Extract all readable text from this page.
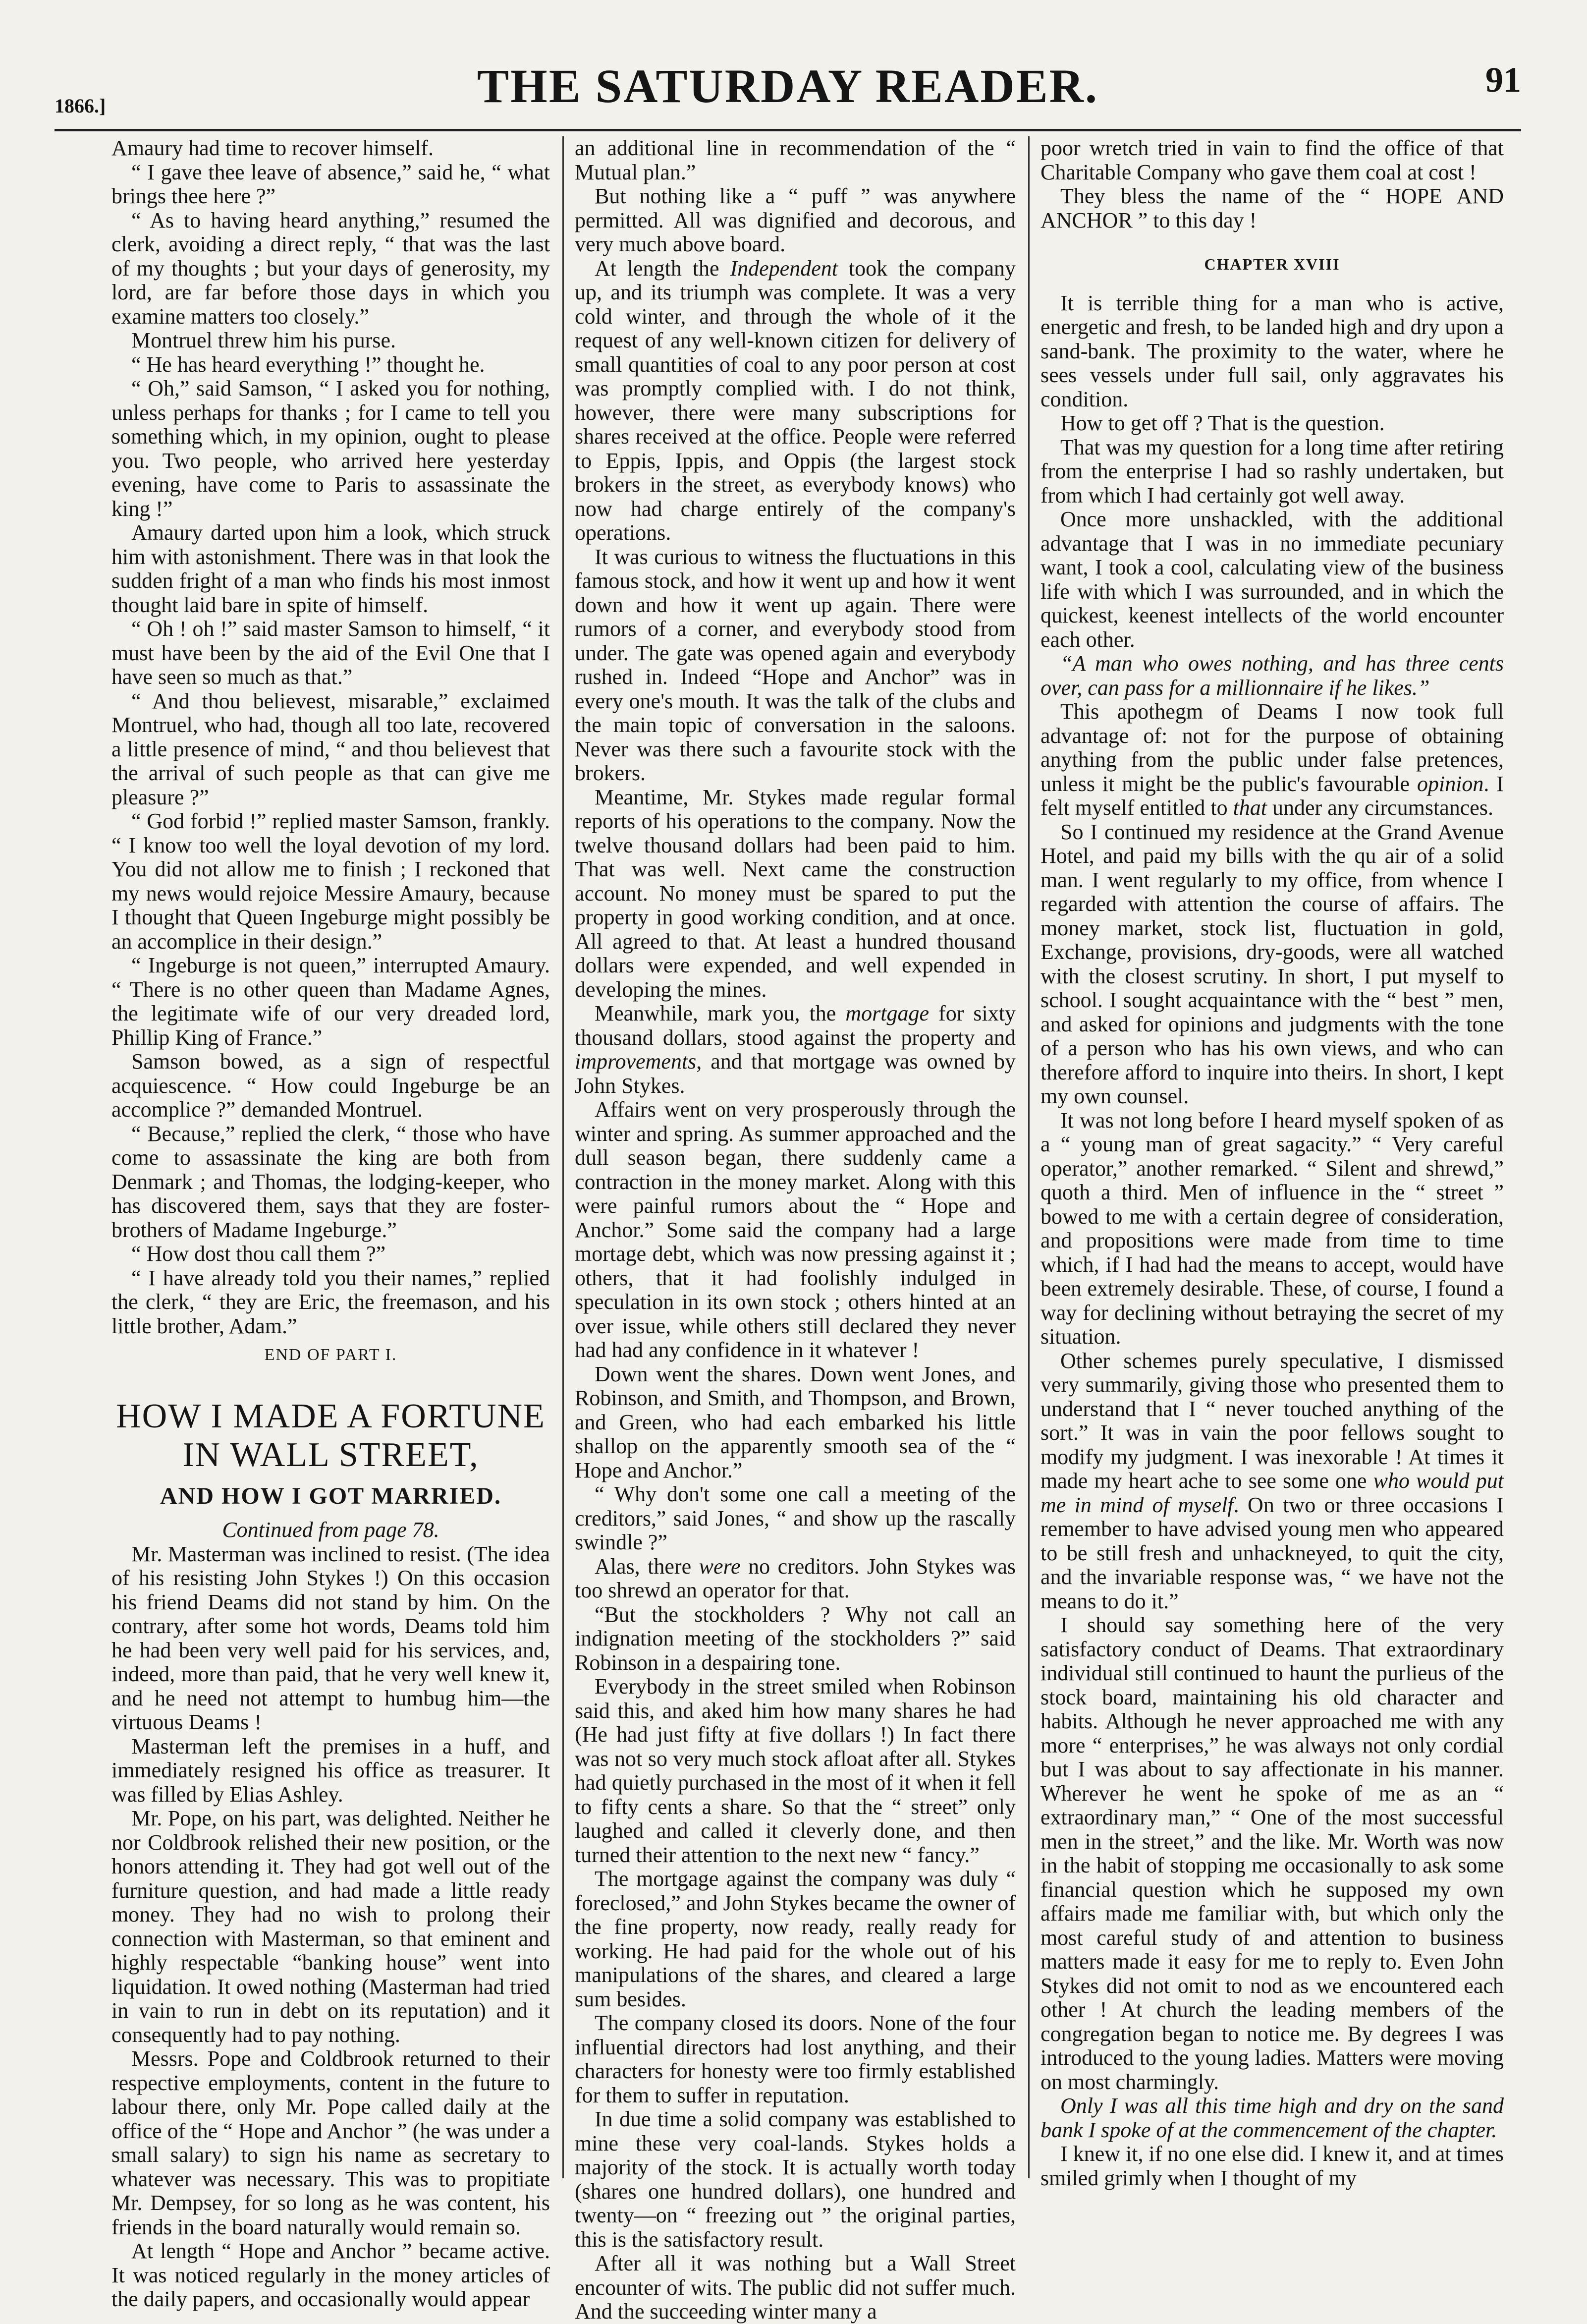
1866.]	THE SATURDAY READER.	91

Amaury had time to recover himself.

“ I gave thee leave of absence,” said he, “ what brings thee here ?”

“ As to having heard anything,” resumed the clerk, avoiding a direct reply, “ that was the last of my thoughts ; but your days of generosity, my lord, are far before those days in which you examine matters too closely.”

Montruel threw him his purse.

“ He has heard everything !” thought he.

“ Oh,” said Samson, “ I asked you for nothing, unless perhaps for thanks ; for I came to tell you something which, in my opinion, ought to please you. Two people, who arrived here yesterday evening, have come to Paris to assassinate the king !”

Amaury darted upon him a look, which struck him with astonishment. There was in that look the sudden fright of a man who finds his most inmost thought laid bare in spite of himself.

“ Oh ! oh !” said master Samson to himself, “ it must have been by the aid of the Evil One that I have seen so much as that.”

“ And thou believest, misarable,” exclaimed Montruel, who had, though all too late, recovered a little presence of mind, “ and thou believest that the arrival of such people as that can give me pleasure ?”

“ God forbid !” replied master Samson, frankly. “ I know too well the loyal devotion of my lord. You did not allow me to finish ; I reckoned that my news would rejoice Messire Amaury, because I thought that Queen Ingeburge might possibly be an accomplice in their design.”

“ Ingeburge is not queen,” interrupted Amaury. “ There is no other queen than Madame Agnes, the legitimate wife of our very dreaded lord, Phillip King of France.”

Samson bowed, as a sign of respectful acquiescence. “ How could Ingeburge be an accomplice ?” demanded Montruel.

“ Because,” replied the clerk, “ those who have come to assassinate the king are both from Denmark ; and Thomas, the lodging-keeper, who has discovered them, says that they are foster-brothers of Madame Ingeburge.”

“ How dost thou call them ?”

“ I have already told you their names,” replied the clerk, “ they are Eric, the freemason, and his little brother, Adam.”

END OF PART I.

HOW I MADE A FORTUNE IN WALL STREET,

AND HOW I GOT MARRIED.

Continued from page 78.

Mr. Masterman was inclined to resist. (The idea of his resisting John Stykes !) On this occasion his friend Deams did not stand by him. On the contrary, after some hot words, Deams told him he had been very well paid for his services, and, indeed, more than paid, that he very well knew it, and he need not attempt to humbug him—the virtuous Deams !

Masterman left the premises in a huff, and immediately resigned his office as treasurer. It was filled by Elias Ashley.

Mr. Pope, on his part, was delighted. Neither he nor Coldbrook relished their new position, or the honors attending it. They had got well out of the furniture question, and had made a little ready money. They had no wish to prolong their connection with Masterman, so that eminent and highly respectable “banking house” went into liquidation. It owed nothing (Masterman had tried in vain to run in debt on its reputation) and it consequently had to pay nothing.

Messrs. Pope and Coldbrook returned to their respective employments, content in the future to labour there, only Mr. Pope called daily at the office of the “ Hope and Anchor ” (he was under a small salary) to sign his name as secretary to whatever was necessary. This was to propitiate Mr. Dempsey, for so long as he was content, his friends in the board naturally would remain so.

At length “ Hope and Anchor ” became active. It was noticed regularly in the money articles of the daily papers, and occasionally would appear

an additional line in recommendation of the “ Mutual plan.”

But nothing like a “ puff ” was anywhere permitted. All was dignified and decorous, and very much above board.

At length the Independent took the company up, and its triumph was complete. It was a very cold winter, and through the whole of it the request of any well-known citizen for delivery of small quantities of coal to any poor person at cost was promptly complied with. I do not think, however, there were many subscriptions for shares received at the office. People were referred to Eppis, Ippis, and Oppis (the largest stock brokers in the street, as everybody knows) who now had charge entirely of the company's operations.

It was curious to witness the fluctuations in this famous stock, and how it went up and how it went down and how it went up again. There were rumors of a corner, and everybody stood from under. The gate was opened again and everybody rushed in. Indeed “Hope and Anchor” was in every one's mouth. It was the talk of the clubs and the main topic of conversation in the saloons. Never was there such a favourite stock with the brokers.

Meantime, Mr. Stykes made regular formal reports of his operations to the company. Now the twelve thousand dollars had been paid to him. That was well. Next came the construction account. No money must be spared to put the property in good working condition, and at once. All agreed to that. At least a hundred thousand dollars were expended, and well expended in developing the mines.

Meanwhile, mark you, the mortgage for sixty thousand dollars, stood against the property and improvements, and that mortgage was owned by John Stykes.

Affairs went on very prosperously through the winter and spring. As summer approached and the dull season began, there suddenly came a contraction in the money market. Along with this were painful rumors about the “ Hope and Anchor.” Some said the company had a large mortage debt, which was now pressing against it ; others, that it had foolishly indulged in speculation in its own stock ; others hinted at an over issue, while others still declared they never had had any confidence in it whatever !

Down went the shares. Down went Jones, and Robinson, and Smith, and Thompson, and Brown, and Green, who had each embarked his little shallop on the apparently smooth sea of the “ Hope and Anchor.”

“ Why don't some one call a meeting of the creditors,” said Jones, “ and show up the rascally swindle ?”

Alas, there were no creditors. John Stykes was too shrewd an operator for that.

“But the stockholders ? Why not call an indignation meeting of the stockholders ?” said Robinson in a despairing tone.

Everybody in the street smiled when Robinson said this, and aked him how many shares he had (He had just fifty at five dollars !) In fact there was not so very much stock afloat after all. Stykes had quietly purchased in the most of it when it fell to fifty cents a share. So that the “ street” only laughed and called it cleverly done, and then turned their attention to the next new “ fancy.”

The mortgage against the company was duly “ foreclosed,” and John Stykes became the owner of the fine property, now ready, really ready for working. He had paid for the whole out of his manipulations of the shares, and cleared a large sum besides.

The company closed its doors. None of the four influential directors had lost anything, and their characters for honesty were too firmly established for them to suffer in reputation.

In due time a solid company was established to mine these very coal-lands. Stykes holds a majority of the stock. It is actually worth today (shares one hundred dollars), one hundred and twenty—on “ freezing out ” the original parties, this is the satisfactory result.

After all it was nothing but a Wall Street encounter of wits. The public did not suffer much. And the succeeding winter many a

poor wretch tried in vain to find the office of that Charitable Company who gave them coal at cost !

They bless the name of the “ HOPE AND ANCHOR ” to this day !

CHAPTER XVIII

It is terrible thing for a man who is active, energetic and fresh, to be landed high and dry upon a sand-bank. The proximity to the water, where he sees vessels under full sail, only aggravates his condition.

How to get off ? That is the question.

That was my question for a long time after retiring from the enterprise I had so rashly undertaken, but from which I had certainly got well away.

Once more unshackled, with the additional advantage that I was in no immediate pecuniary want, I took a cool, calculating view of the business life with which I was surrounded, and in which the quickest, keenest intellects of the world encounter each other.

“A man who owes nothing, and has three cents over, can pass for a millionnaire if he likes.”

This apothegm of Deams I now took full advantage of: not for the purpose of obtaining anything from the public under false pretences, unless it might be the public's favourable opinion. I felt myself entitled to that under any circumstances.

So I continued my residence at the Grand Avenue Hotel, and paid my bills with the qu air of a solid man. I went regularly to my office, from whence I regarded with attention the course of affairs. The money market, stock list, fluctuation in gold, Exchange, provisions, dry-goods, were all watched with the closest scrutiny. In short, I put myself to school. I sought acquaintance with the “ best ” men, and asked for opinions and judgments with the tone of a person who has his own views, and who can therefore afford to inquire into theirs. In short, I kept my own counsel.

It was not long before I heard myself spoken of as a “ young man of great sagacity.” “ Very careful operator,” another remarked. “ Silent and shrewd,” quoth a third. Men of influence in the “ street ” bowed to me with a certain degree of consideration, and propositions were made from time to time which, if I had had the means to accept, would have been extremely desirable. These, of course, I found a way for declining without betraying the secret of my situation.

Other schemes purely speculative, I dismissed very summarily, giving those who presented them to understand that I “ never touched anything of the sort.” It was in vain the poor fellows sought to modify my judgment. I was inexorable ! At times it made my heart ache to see some one who would put me in mind of myself. On two or three occasions I remember to have advised young men who appeared to be still fresh and unhackneyed, to quit the city, and the invariable response was, “ we have not the means to do it.”

I should say something here of the very satisfactory conduct of Deams. That extraordinary individual still continued to haunt the purlieus of the stock board, maintaining his old character and habits. Although he never approached me with any more “ enterprises,” he was always not only cordial but I was about to say affectionate in his manner. Wherever he went he spoke of me as an “ extraordinary man,” “ One of the most successful men in the street,” and the like. Mr. Worth was now in the habit of stopping me occasionally to ask some financial question which he supposed my own affairs made me familiar with, but which only the most careful study of and attention to business matters made it easy for me to reply to. Even John Stykes did not omit to nod as we encountered each other ! At church the leading members of the congregation began to notice me. By degrees I was introduced to the young ladies. Matters were moving on most charmingly.

Only I was all this time high and dry on the sand bank I spoke of at the commencement of the chapter.

I knew it, if no one else did. I knew it, and at times smiled grimly when I thought of my
